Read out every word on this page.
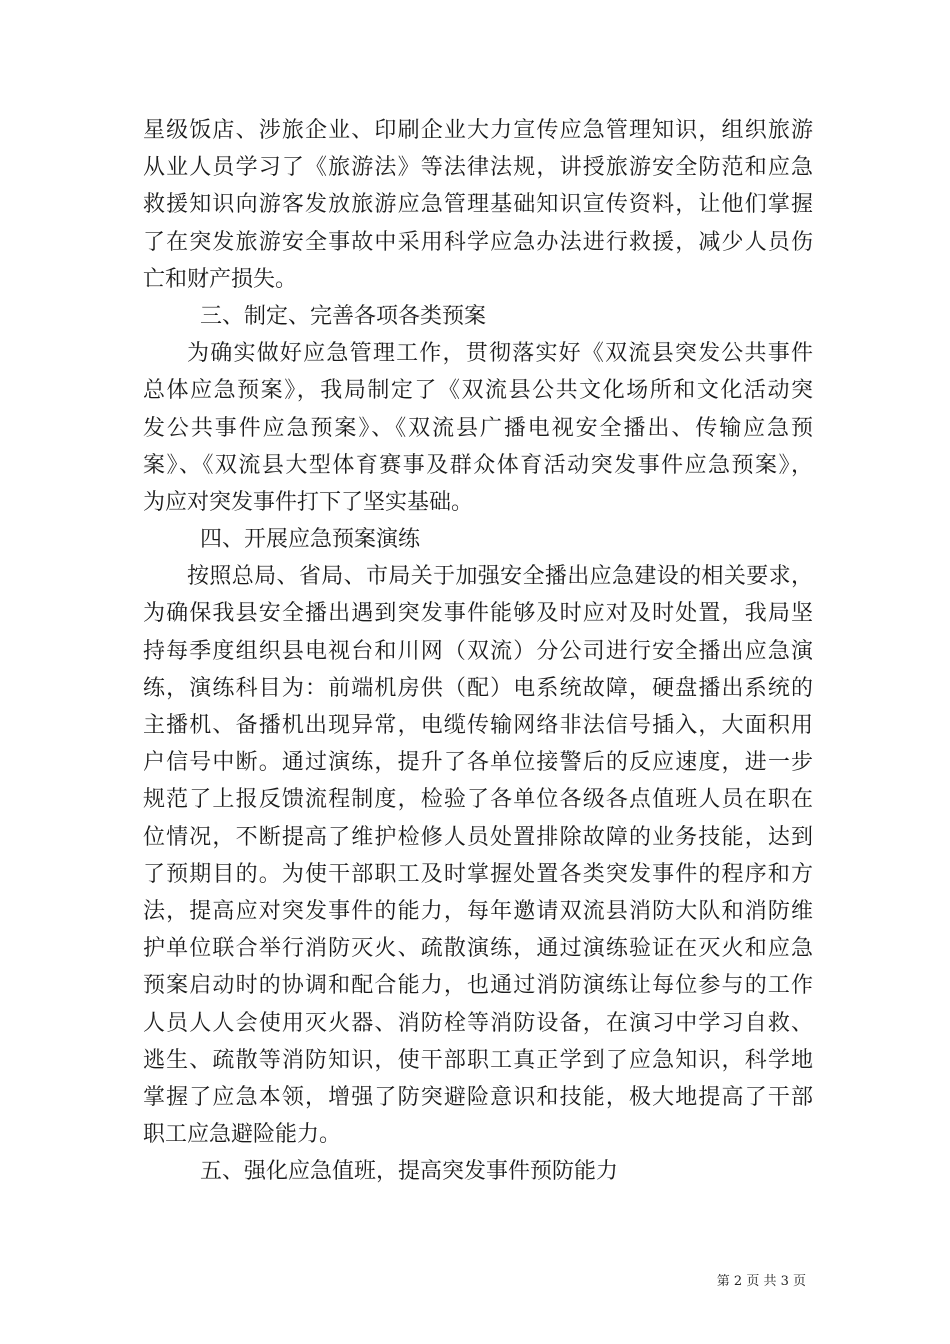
星级饭店、涉旅企业、印刷企业大力宣传应急管理知识，组织旅游
从业人员学习了《旅游法》等法律法规，讲授旅游安全防范和应急
救援知识向游客发放旅游应急管理基础知识宣传资料，让他们掌握
了在突发旅游安全事故中采用科学应急办法进行救援，减少人员伤
亡和财产损失。
三、制定、完善各项各类预案
为确实做好应急管理工作，贯彻落实好《双流县突发公共事件
总体应急预案》，我局制定了《双流县公共文化场所和文化活动突
发公共事件应急预案》、《双流县广播电视安全播出、传输应急预
案》、《双流县大型体育赛事及群众体育活动突发事件应急预案》，
为应对突发事件打下了坚实基础。
四、开展应急预案演练
按照总局、省局、市局关于加强安全播出应急建设的相关要求，
为确保我县安全播出遇到突发事件能够及时应对及时处置，我局坚
持每季度组织县电视台和川网（双流）分公司进行安全播出应急演
练，演练科目为：前端机房供（配）电系统故障，硬盘播出系统的
主播机、备播机出现异常，电缆传输网络非法信号插入，大面积用
户信号中断。通过演练，提升了各单位接警后的反应速度，进一步
规范了上报反馈流程制度，检验了各单位各级各点值班人员在职在
位情况，不断提高了维护检修人员处置排除故障的业务技能，达到
了预期目的。为使干部职工及时掌握处置各类突发事件的程序和方
法，提高应对突发事件的能力，每年邀请双流县消防大队和消防维
护单位联合举行消防灭火、疏散演练，通过演练验证在灭火和应急
预案启动时的协调和配合能力，也通过消防演练让每位参与的工作
人员人人会使用灭火器、消防栓等消防设备，在演习中学习自救、
逃生、疏散等消防知识，使干部职工真正学到了应急知识，科学地
掌握了应急本领，增强了防突避险意识和技能，极大地提高了干部
职工应急避险能力。
五、强化应急值班，提高突发事件预防能力
第 2 页 共 3 页
